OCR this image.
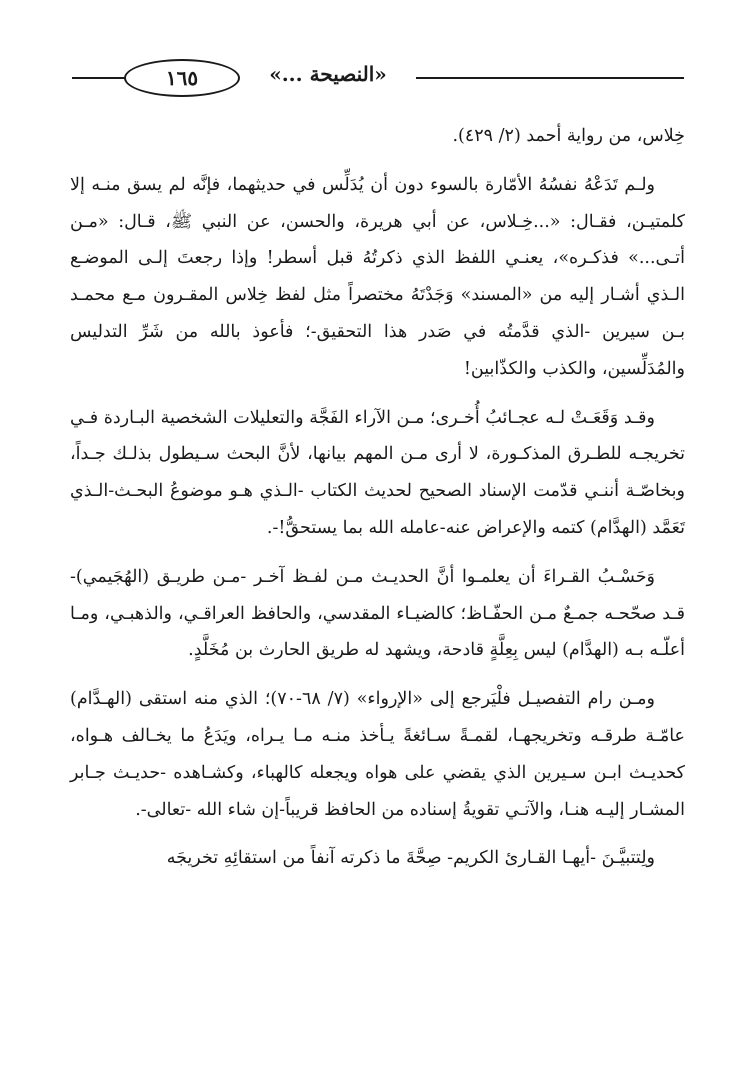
١٦٥	«النصيحة ...»

خِلاس، من رواية أحمد (٢/ ٤٢٩).

ولـم تَدَعْهُ نفسُهُ الأمّارة بالسوء دون أن يُدَلِّس في حديثهما، فإنَّه لم يسق منـه إلا كلمتيـن، فقـال: «...خِـلاس، عن أبي هريرة، والحسن، عن النبي ﷺ، قـال: «مـن أتـى...» فذكـره»، يعنـي اللفظ الذي ذكرتُهُ قبل أسطر! وإذا رجعتَ إلـى الموضـع الـذي أشـار إليه من «المسند» وَجَدْتَهُ مختصراً مثل لفظ خِلاس المقـرون مـع محمـد بـن سيرين -الذي قدَّمتُه في صَدر هذا التحقيق-؛ فأعوذ بالله من شَرِّ التدليس والمُدَلِّسين، والكذب والكذّابين!

وقـد وَقَعَـتْ لـه عجـائبُ أُخـرى؛ مـن الآراء الفَجَّة والتعليلات الشخصية البـاردة فـي تخريجـه للطـرق المذكـورة، لا أرى مـن المهم بيانها، لأنَّ البحث سـيطول بذلـك جـداً، وبخاصّـة أننـي قدّمت الإسناد الصحيح لحديث الكتاب -الـذي هـو موضوعُ البحـث-الـذي تَعَمَّد (الهدَّام) كتمه والإعراض عنه-عامله الله بما يستحقُّ!-.

وَحَسْـبُ القـراءَ أن يعلمـوا أنَّ الحديـث مـن لفـظ آخـر -مـن طريـق (الهُجَيمي)- قـد صحّحـه جمـعٌ مـن الحفّـاظ؛ كالضيـاء المقدسي، والحافظ العراقـي، والذهبـي، ومـا أعلّـه بـه (الهدَّام) ليس بِعِلَّةٍ قادحة، ويشهد له طريق الحارث بن مُخَلَّدٍ.

ومـن رام التفصيـل فلْيَرجع إلى «الإرواء» (٧/ ٦٨-٧٠)؛ الذي منه استقى (الهـدَّام) عامّـة طرقـه وتخريجهـا، لقمـةً سـائغةً يـأخذ منـه مـا يـراه، ويَدَعُ ما يخـالف هـواه، كحديـث ابـن سـيرين الذي يقضي على هواه ويجعله كالهباء، وكشـاهده -حديـث جـابر المشـار إليـه هنـا، والآتـي تقويةُ إسناده من الحافظ قريباً-إن شاء الله -تعالى-.

ولِتتبيَّـنَ -أيهـا القـارئ الكريم- صِحَّةَ ما ذكرته آنفاً من استقائِهِ تخريجَه
